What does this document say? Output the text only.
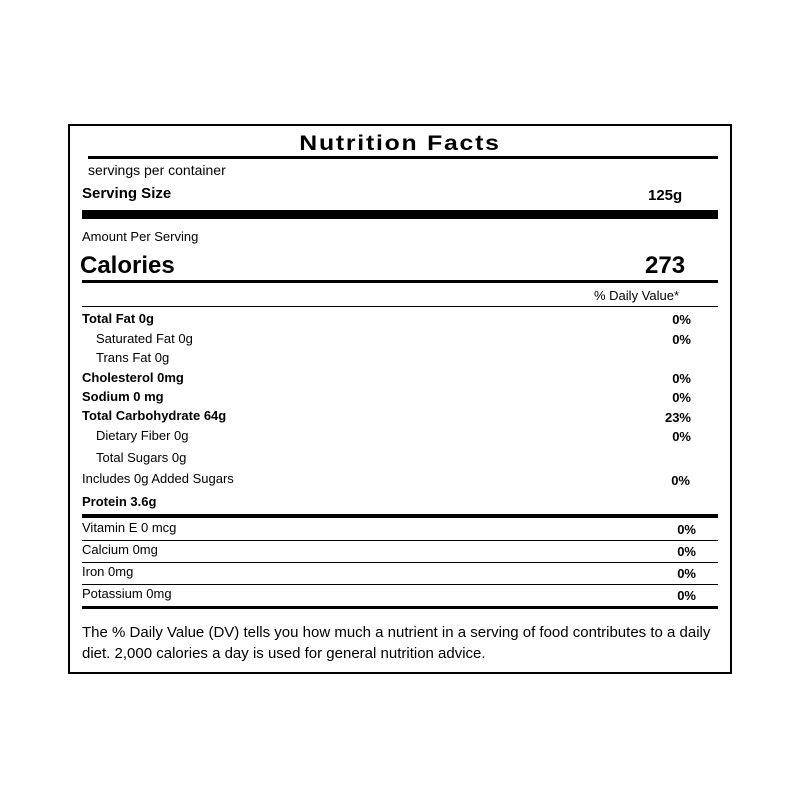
Nutrition Facts
servings per container
Serving Size	125g
Amount Per Serving
Calories	273
% Daily Value*
Total Fat 0g	0%
Saturated Fat 0g	0%
Trans Fat 0g
Cholesterol 0mg	0%
Sodium 0 mg	0%
Total Carbohydrate 64g	23%
Dietary Fiber 0g	0%
Total Sugars 0g
Includes 0g Added Sugars	0%
Protein 3.6g
Vitamin E 0 mcg	0%
Calcium 0mg	0%
Iron 0mg	0%
Potassium 0mg	0%
The % Daily Value (DV) tells you how much a nutrient in a serving of food contributes to a daily diet. 2,000 calories a day is used for general nutrition advice.
